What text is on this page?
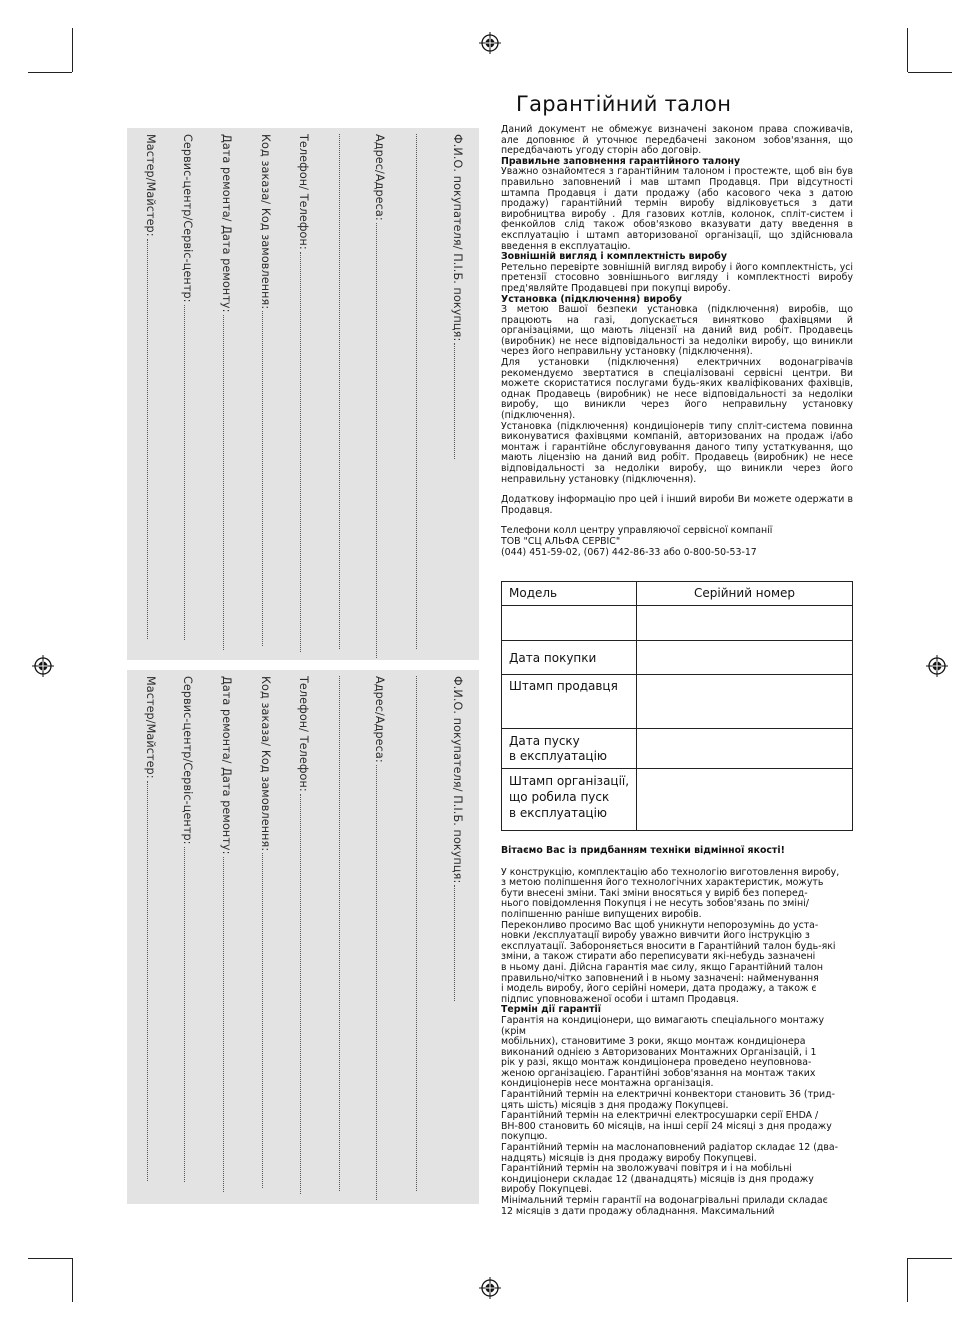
Ф.И.О. покупателя/ П.І.Б. покупця:
Адрес/Адреса:
Телефон/ Телефон:
Код заказа/ Код замовлення:
Дата ремонта/ Дата ремонту:
Сервис-центр/Сервіс-центр:
Мастер/Майстер:
Ф.И.О. покупателя/ П.І.Б. покупця:
Адрес/Адреса:
Телефон/ Телефон:
Код заказа/ Код замовлення:
Дата ремонта/ Дата ремонту:
Сервис-центр/Сервіс-центр:
Мастер/Майстер:
Гарантійний талон

Даний документ не обмежує визначені законом права споживачів, але доповнює й уточнює передбачені законом зобов'язання, що передбачають угоду сторін або договір.

Правильне заповнення гарантійного талону

Уважно ознайомтеся з гарантійним талоном і простежте, щоб він був правильно заповнений і мав штамп Продавця. При відсутності штампа Продавця і дати продажу (або касового чека з датою продажу) гарантійний термін виробу відліковується з дати виробництва виробу . Для газових котлів, колонок, спліт-систем і фенкойлов слід також обов'язково вказувати дату введення в експлуатацію і штамп авторизованої організації, що здійснювала введення в експлуатацію.

Зовнішній вигляд і комплектність виробу

Ретельно перевірте зовнішній вигляд виробу і його комплектність, усі претензії стосовно зовнішнього вигляду і комплектності виробу пред'являйте Продавцеві при покупці виробу.

Установка (підключення) виробу

З метою Вашої безпеки установка (підключення) виробів, що працюють на газі, допускається винятково фахівцями й організаціями, що мають ліцензії на даний вид робіт. Продавець (виробник) не несе відповідальності за недоліки виробу, що виникли через його неправильну установку (підключення).

Для установки (підключення) електричних водонагрівачів рекомендуємо звертатися в спеціалізовані сервісні центри. Ви можете скористатися послугами будь-яких кваліфікованих фахівців, однак Продавець (виробник) не несе відповідальності за недоліки виробу, що виникли через його неправильну установку (підключення).

Установка (підключення) кондиціонерів типу спліт-система повинна виконуватися фахівцями компаній, авторизованих на продаж і/або монтаж і гарантійне обслуговування даного типу устаткування, що мають ліцензію на даний вид робіт. Продавець (виробник) не несе відповідальності за недоліки виробу, що виникли через його неправильну установку (підключення).

Додаткову інформацію про цей і інший вироби Ви можете одержати в Продавця.

Телефони колл центру управляючої сервісної компанії

ТОВ "СЦ АЛЬФА СЕРВІС"

(044) 451-59-02, (067) 442-86-33 або 0-800-50-53-17

Модель	Серійний номер

Дата покупки	
Штамп продавця	

Дата пуску
в експлуатацію	

Штамп організації,
що робила пуск
в експлуатацію	

Вітаємо Вас із придбанням техніки відмінної якості!

У конструкцію, комплектацію або технологію виготовлення виробу,

з метою поліпшення його технологічних характеристик, можуть

бути внесені зміни. Такі зміни вносяться у виріб без поперед-

нього повідомлення Покупця і не несуть зобов'язань по зміні/

поліпшенню раніше випущених виробів.

Переконливо просимо Вас щоб уникнути непорозумінь до уста-

новки /експлуатації виробу уважно вивчити його інструкцію з

експлуатації. Забороняється вносити в Гарантійний талон будь-які

зміни, а також стирати або переписувати які-небудь зазначені

в ньому дані. Дійсна гарантія має силу, якщо Гарантійний талон

правильно/чітко заповнений і в ньому зазначені: найменування

і модель виробу, його серійні номери, дата продажу, а також є

підпис уповноваженої особи і штамп Продавця.

Термін дії гарантії

Гарантія на кондиціонери, що вимагають спеціального монтажу

(крім

мобільних), становитиме 3 роки, якщо монтаж кондиціонера

виконаний однією з Авторизованих Монтажних Організацій, і 1

рік у разі, якщо монтаж кондиціонера проведено неуповнова-

женою організацією. Гарантійні зобов'язання на монтаж таких

кондиціонерів несе монтажна організація.

Гарантійний термін на електричні конвектори становить 36 (трид-

цять шість) місяців з дня продажу Покупцеві.

Гарантійний термін на електричні електросушарки серії EHDA /

BH-800 становить 60 місяців, на інші серії 24 місяці з дня продажу

покупцю.

Гарантійний термін на маслонаповнений радіатор складає 12 (два-

надцять) місяців із дня продажу виробу Покупцеві.

Гарантійний термін на зволожувачі повітря и і на мобільні

кондиціонери складає 12 (дванадцять) місяців із дня продажу

виробу Покупцеві.

Мінімальний термін гарантії на водонагрівальні прилади складає

12 місяців з дати продажу обладнання. Максимальний
